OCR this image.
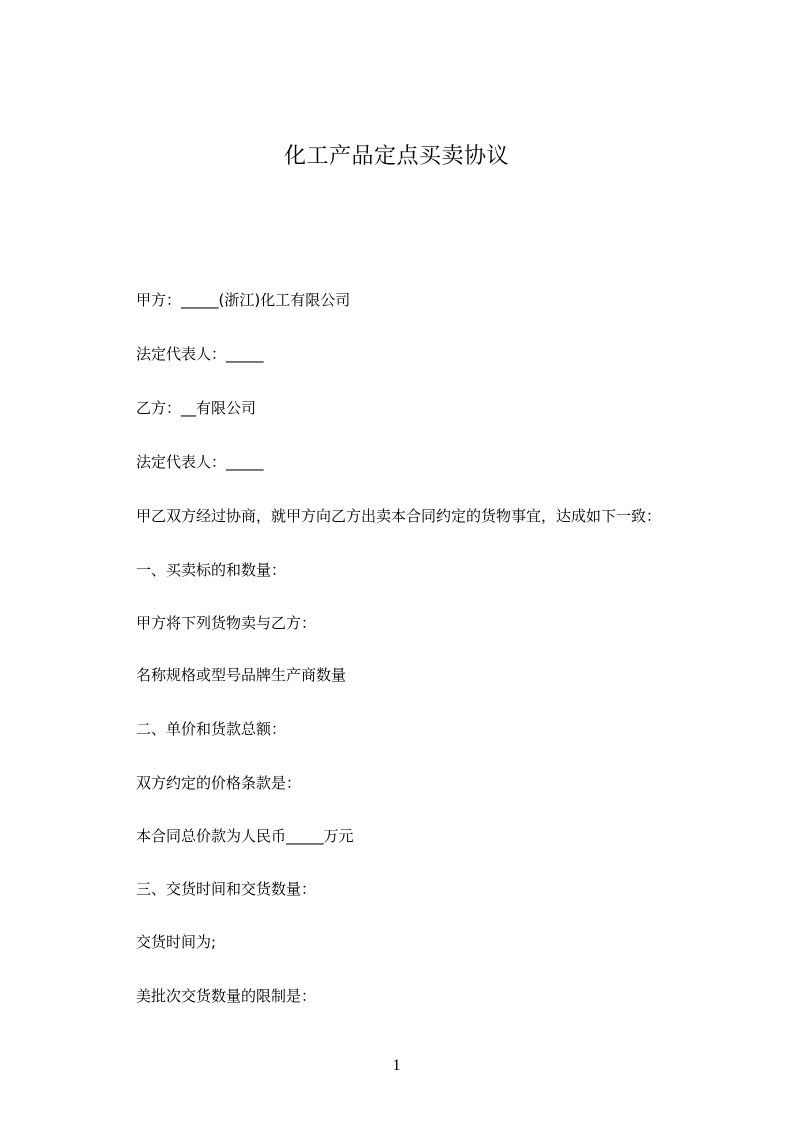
化工产品定点买卖协议
甲方：_____(浙江)化工有限公司
法定代表人：_____
乙方：__有限公司
法定代表人：_____
甲乙双方经过协商，就甲方向乙方出卖本合同约定的货物事宜，达成如下一致：
一、买卖标的和数量：
甲方将下列货物卖与乙方：
名称规格或型号品牌生产商数量
二、单价和货款总额：
双方约定的价格条款是：
本合同总价款为人民币_____万元
三、交货时间和交货数量：
交货时间为;
美批次交货数量的限制是：
1
